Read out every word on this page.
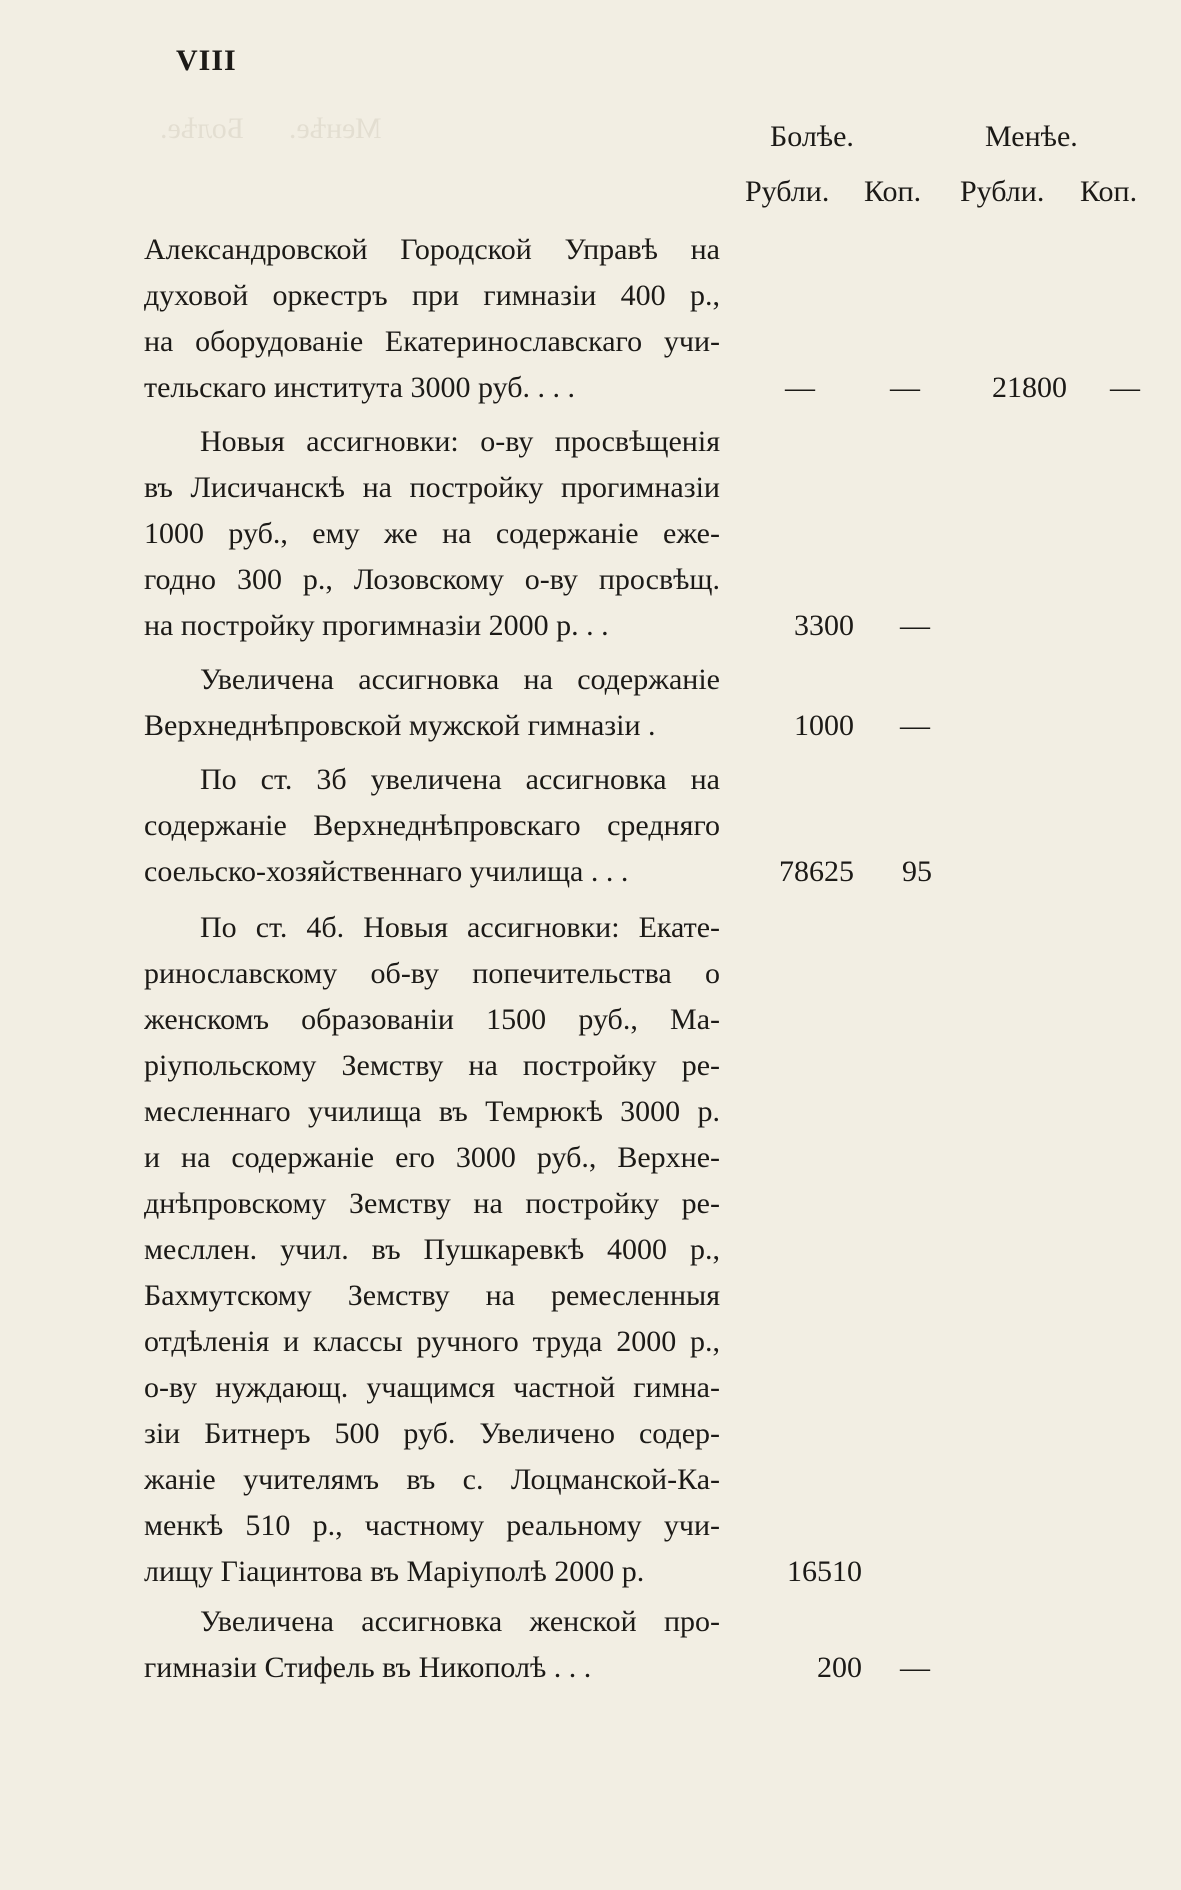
Менѣе.      Болѣе.
VIII
Болѣе.	Менѣе.
Рубли. Коп. Рубли. Коп.
Александровской Городской Управѣ на
духовой оркестръ при гимназіи 400 р.,
на оборудованіе Екатеринославскаго учи-
тельскаго института 3000 руб. . . .	—	—	21800 —
Новыя ассигновки: о-ву просвѣщенія
въ Лисичанскѣ на постройку прогимназіи
1000 руб., ему же на содержаніе еже-
годно 300 р., Лозовскому о-ву просвѣщ.
на постройку прогимназіи 2000 р. . .	3300 —
Увеличена ассигновка на содержаніе
Верхнеднѣпровской мужской гимназіи .	1000 —
По ст. 3б увеличена ассигновка на
содержаніе Верхнеднѣпровскаго средняго
соельско-хозяйственнаго училища . . .	78625	95
По ст. 4б. Новыя ассигновки: Екате-
ринославскому об-ву попечительства о
женскомъ образованіи 1500 руб., Ма-
ріупольскому Земству на постройку ре-
месленнаго училища въ Темрюкѣ 3000 р.
и на содержаніе его 3000 руб., Верхне-
днѣпровскому Земству на постройку ре-
месллен. учил. въ Пушкаревкѣ 4000 р.,
Бахмутскому Земству на ремесленныя
отдѣленія и классы ручного труда 2000 р.,
о-ву нуждающ. учащимся частной гимна-
зіи Битнеръ 500 руб. Увеличено содер-
жаніе учителямъ въ с. Лоцманской-Ка-
менкѣ 510 р., частному реальному учи-
лищу Гіацинтова въ Маріуполѣ 2000 р.	16510
Увеличена ассигновка женской про-
гимназіи Стифель въ Никополѣ . . .	200 —
